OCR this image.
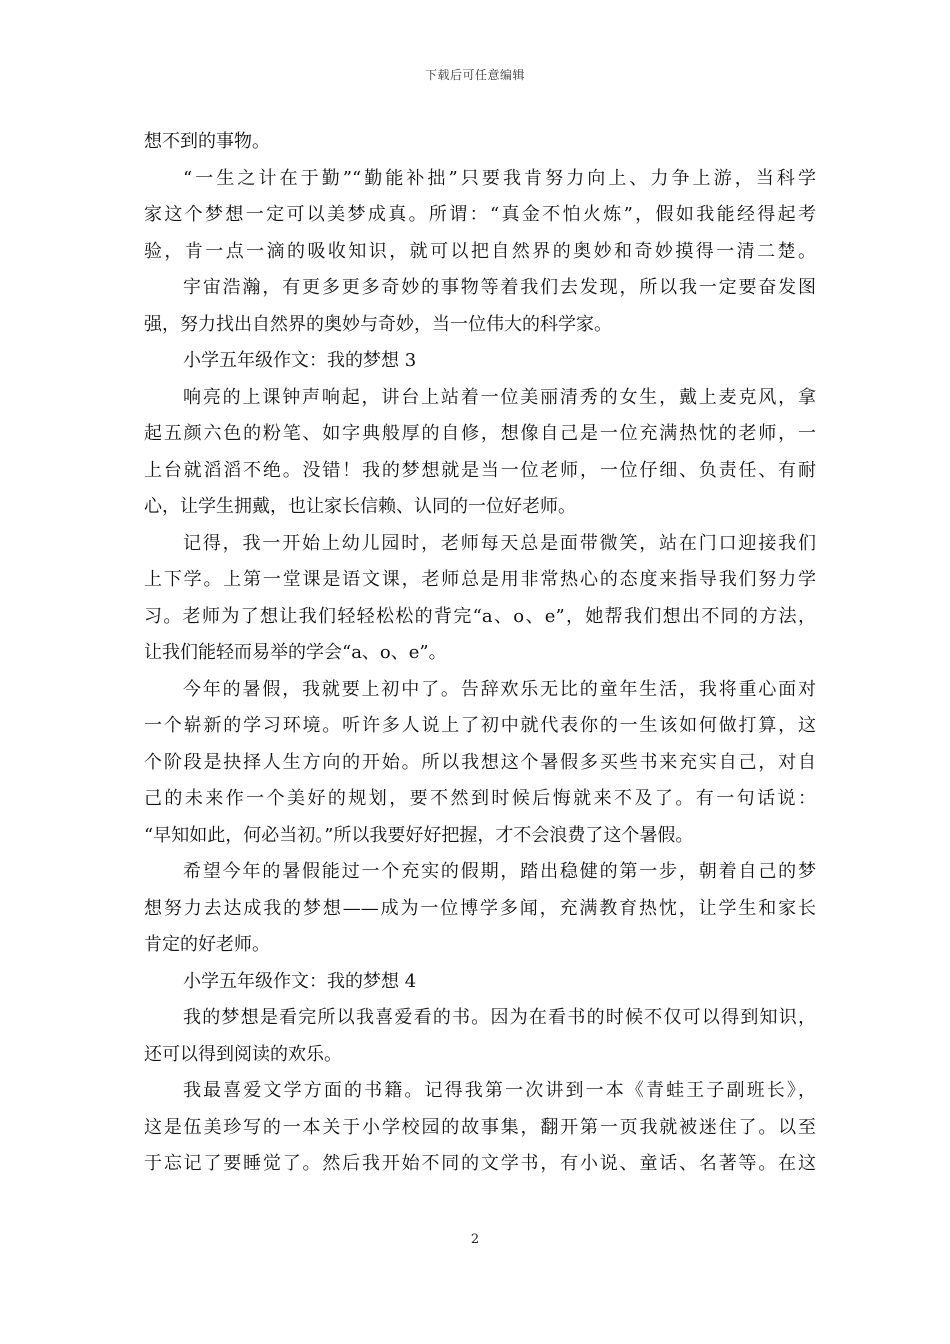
下载后可任意编辑
想不到的事物。
“一生之计在于勤”“勤能补拙”只要我肯努力向上、力争上游，当科学
家这个梦想一定可以美梦成真。所谓：“真金不怕火炼”，假如我能经得起考
验，肯一点一滴的吸收知识，就可以把自然界的奥妙和奇妙摸得一清二楚。
宇宙浩瀚，有更多更多奇妙的事物等着我们去发现，所以我一定要奋发图
强，努力找出自然界的奥妙与奇妙，当一位伟大的科学家。
小学五年级作文：我的梦想 3
响亮的上课钟声响起，讲台上站着一位美丽清秀的女生，戴上麦克风，拿
起五颜六色的粉笔、如字典般厚的自修，想像自己是一位充满热忱的老师，一
上台就滔滔不绝。没错！我的梦想就是当一位老师，一位仔细、负责任、有耐
心，让学生拥戴，也让家长信赖、认同的一位好老师。
记得，我一开始上幼儿园时，老师每天总是面带微笑，站在门口迎接我们
上下学。上第一堂课是语文课，老师总是用非常热心的态度来指导我们努力学
习。老师为了想让我们轻轻松松的背完“a、o、e”，她帮我们想出不同的方法，
让我们能轻而易举的学会“a、o、e”。
今年的暑假，我就要上初中了。告辞欢乐无比的童年生活，我将重心面对
一个崭新的学习环境。听许多人说上了初中就代表你的一生该如何做打算，这
个阶段是抉择人生方向的开始。所以我想这个暑假多买些书来充实自己，对自
己的未来作一个美好的规划，要不然到时候后悔就来不及了。有一句话说：
“早知如此，何必当初。”所以我要好好把握，才不会浪费了这个暑假。
希望今年的暑假能过一个充实的假期，踏出稳健的第一步，朝着自己的梦
想努力去达成我的梦想——成为一位博学多闻，充满教育热忱，让学生和家长
肯定的好老师。
小学五年级作文：我的梦想 4
我的梦想是看完所以我喜爱看的书。因为在看书的时候不仅可以得到知识，
还可以得到阅读的欢乐。
我最喜爱文学方面的书籍。记得我第一次讲到一本《青蛙王子副班长》，
这是伍美珍写的一本关于小学校园的故事集，翻开第一页我就被迷住了。以至
于忘记了要睡觉了。然后我开始不同的文学书，有小说、童话、名著等。在这
2
